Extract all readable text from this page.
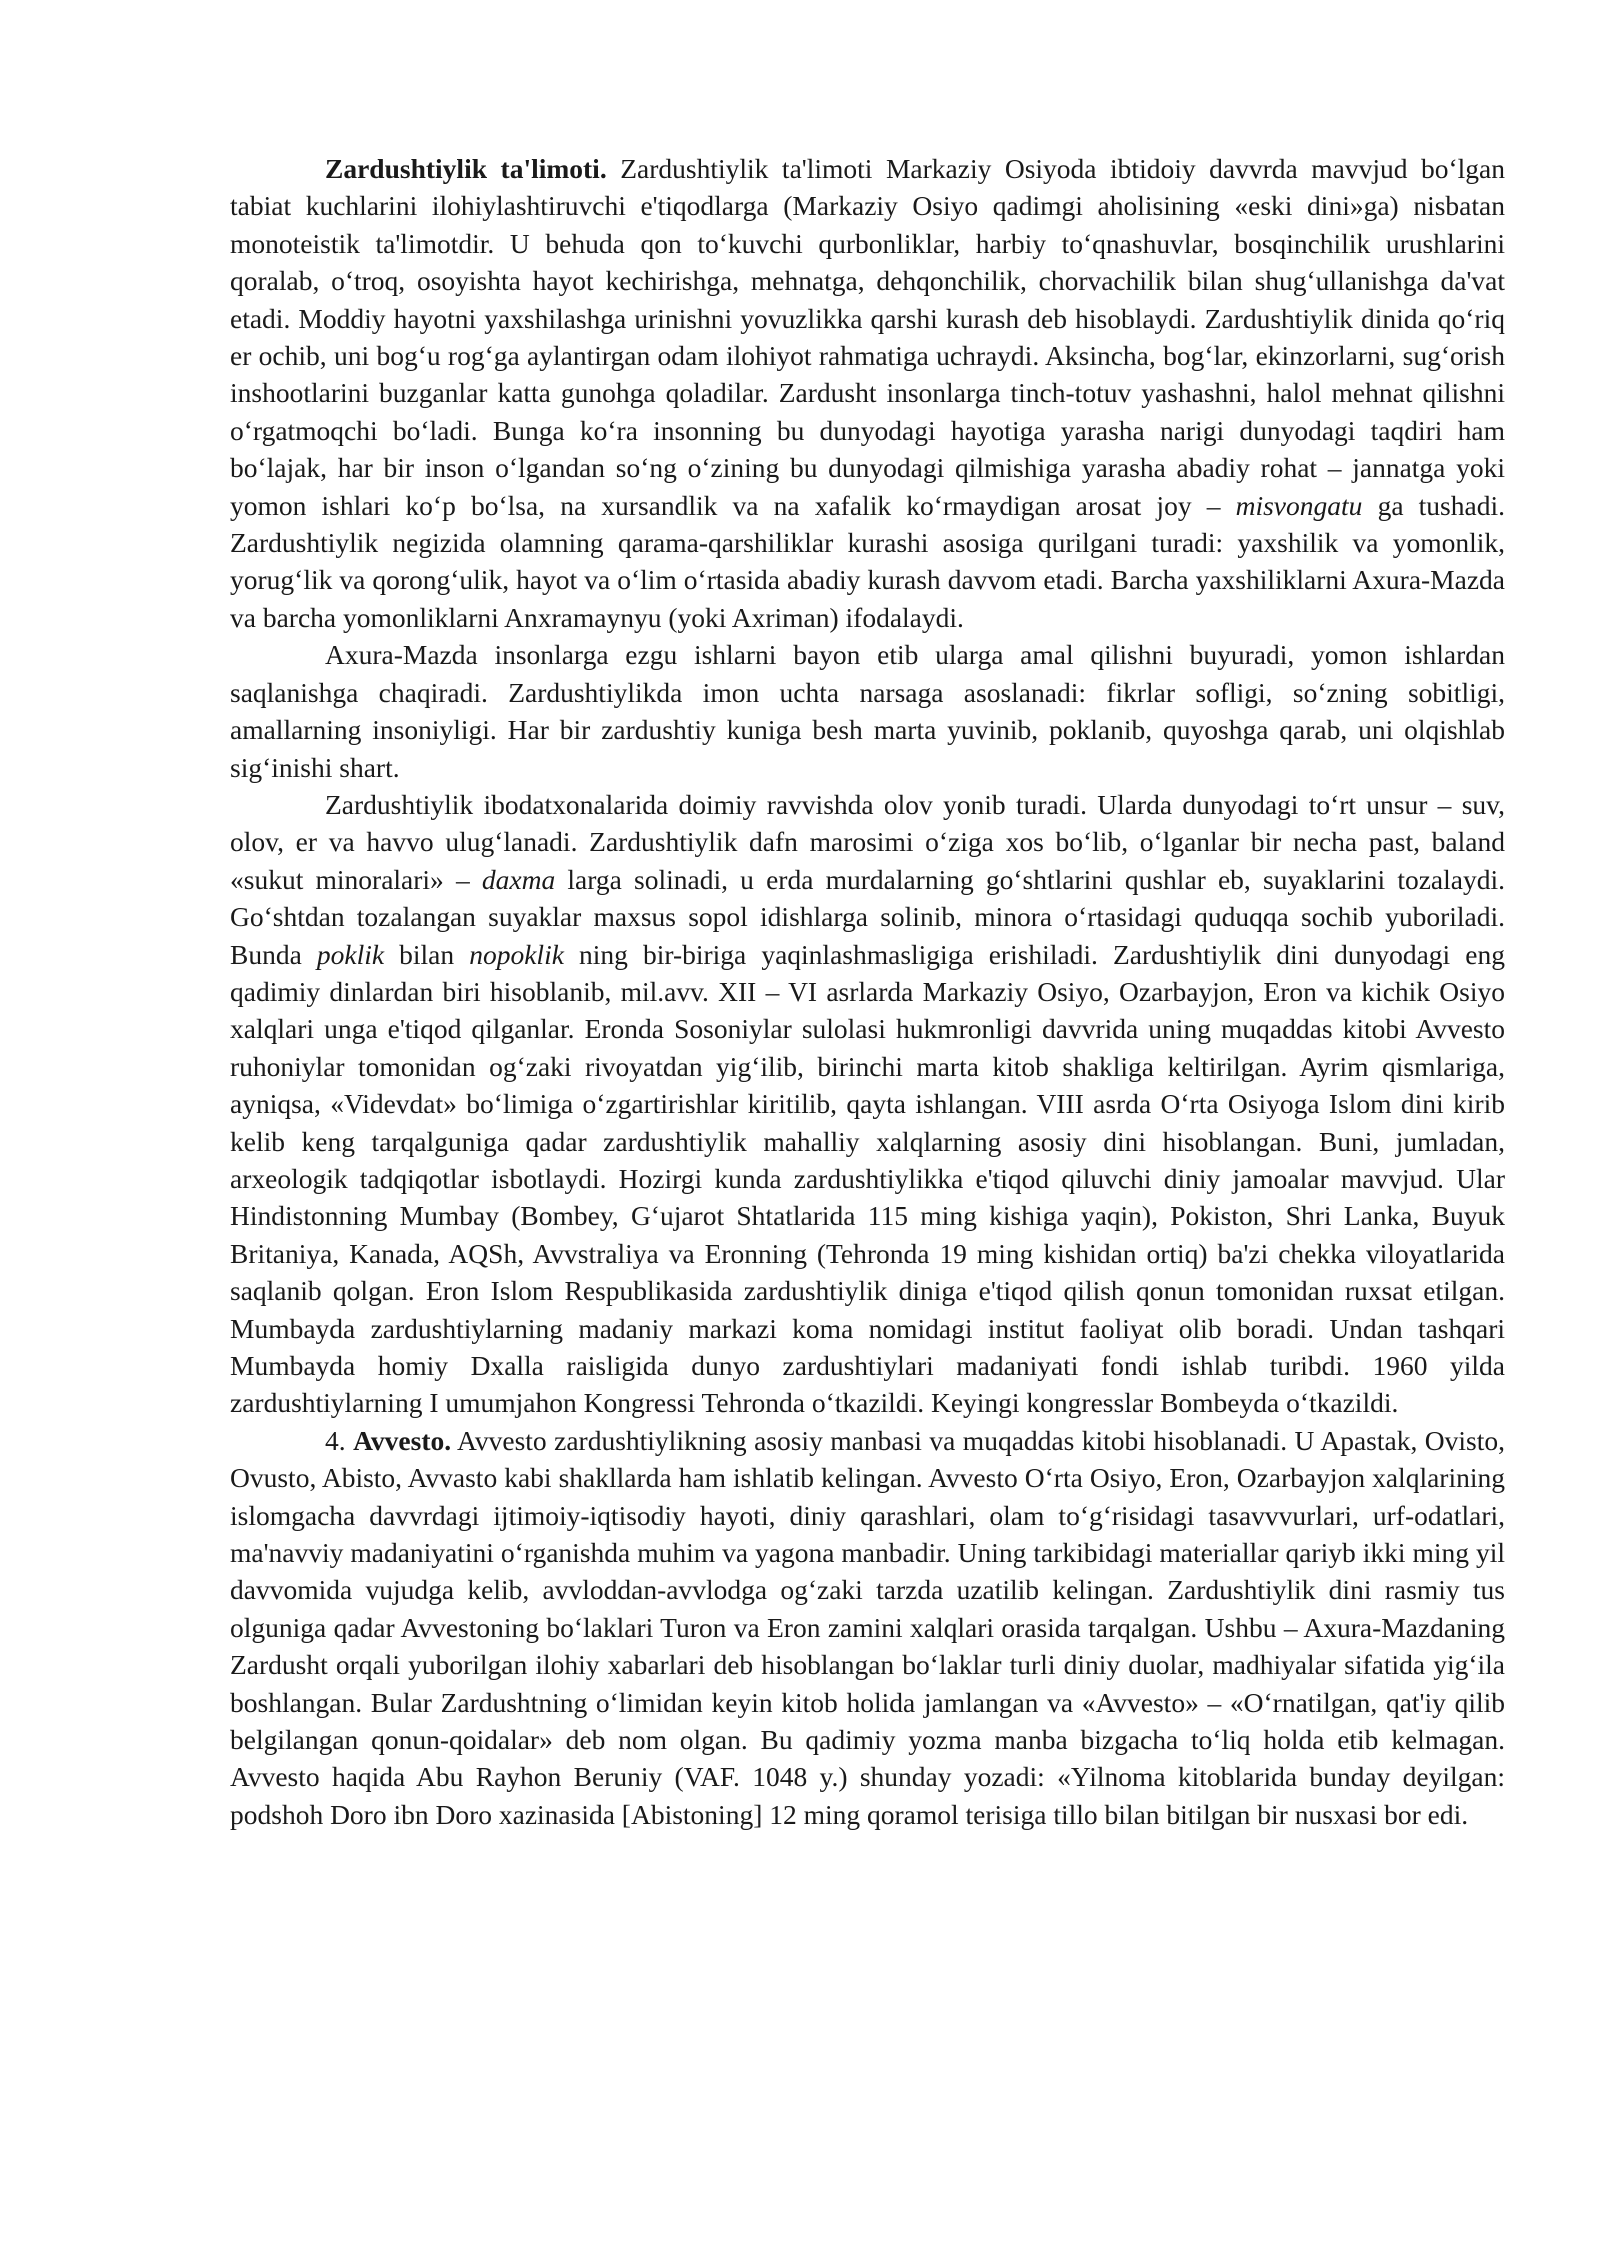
Zardushtiylik ta'limoti. Zardushtiylik ta'limoti Markaziy Osiyoda ibtidoiy davvrda mavvjud bo‘lgan tabiat kuchlarini ilohiylashtiruvchi e'tiqodlarga (Markaziy Osiyo qadimgi aholisining «eski dini»ga) nisbatan monoteistik ta'limotdir. U behuda qon to‘kuvchi qurbonliklar, harbiy to‘qnashuvlar, bosqinchilik urushlarini qoralab, o‘troq, osoyishta hayot kechirishga, mehnatga, dehqonchilik, chorvachilik bilan shug‘ullanishga da'vat etadi. Moddiy hayotni yaxshilashga urinishni yovuzlikka qarshi kurash deb hisoblaydi. Zardushtiylik dinida qo‘riq er ochib, uni bog‘u rog‘ga aylantirgan odam ilohiyot rahmatiga uchraydi. Aksincha, bog‘lar, ekinzorlarni, sug‘orish inshootlarini buzganlar katta gunohga qoladilar. Zardusht insonlarga tinch-totuv yashashni, halol mehnat qilishni o‘rgatmoqchi bo‘ladi. Bunga ko‘ra insonning bu dunyodagi hayotiga yarasha narigi dunyodagi taqdiri ham bo‘lajak, har bir inson o‘lgandan so‘ng o‘zining bu dunyodagi qilmishiga yarasha abadiy rohat – jannatga yoki yomon ishlari ko‘p bo‘lsa, na xursandlik va na xafalik ko‘rmaydigan arosat joy – misvongatu ga tushadi. Zardushtiylik negizida olamning qarama-qarshiliklar kurashi asosiga qurilgani turadi: yaxshilik va yomonlik, yorug‘lik va qorong‘ulik, hayot va o‘lim o‘rtasida abadiy kurash davvom etadi. Barcha yaxshiliklarni Axura-Mazda va barcha yomonliklarni Anxramaynyu (yoki Axriman) ifodalaydi.

Axura-Mazda insonlarga ezgu ishlarni bayon etib ularga amal qilishni buyuradi, yomon ishlardan saqlanishga chaqiradi. Zardushtiylikda imon uchta narsaga asoslanadi: fikrlar sofligi, so‘zning sobitligi, amallarning insoniyligi. Har bir zardushtiy kuniga besh marta yuvinib, poklanib, quyoshga qarab, uni olqishlab sig‘inishi shart.

Zardushtiylik ibodatxonalarida doimiy ravvishda olov yonib turadi. Ularda dunyodagi to‘rt unsur – suv, olov, er va havvo ulug‘lanadi. Zardushtiylik dafn marosimi o‘ziga xos bo‘lib, o‘lganlar bir necha past, baland «sukut minoralari» – daxma larga solinadi, u erda murdalarning go‘shtlarini qushlar eb, suyaklarini tozalaydi. Go‘shtdan tozalangan suyaklar maxsus sopol idishlarga solinib, minora o‘rtasidagi quduqqa sochib yuboriladi. Bunda poklik bilan nopoklik ning bir-biriga yaqinlashmasligiga erishiladi. Zardushtiylik dini dunyodagi eng qadimiy dinlardan biri hisoblanib, mil.avv. XII – VI asrlarda Markaziy Osiyo, Ozarbayjon, Eron va kichik Osiyo xalqlari unga e'tiqod qilganlar. Eronda Sosoniylar sulolasi hukmronligi davvrida uning muqaddas kitobi Avvesto ruhoniylar tomonidan og‘zaki rivoyatdan yig‘ilib, birinchi marta kitob shakliga keltirilgan. Ayrim qismlariga, ayniqsa, «Videvdat» bo‘limiga o‘zgartirishlar kiritilib, qayta ishlangan. VIII asrda O‘rta Osiyoga Islom dini kirib kelib keng tarqalguniga qadar zardushtiylik mahalliy xalqlarning asosiy dini hisoblangan. Buni, jumladan, arxeologik tadqiqotlar isbotlaydi. Hozirgi kunda zardushtiylikka e'tiqod qiluvchi diniy jamoalar mavvjud. Ular Hindistonning Mumbay (Bombey, G‘ujarot Shtatlarida 115 ming kishiga yaqin), Pokiston, Shri Lanka, Buyuk Britaniya, Kanada, AQSh, Avvstraliya va Eronning (Tehronda 19 ming kishidan ortiq) ba'zi chekka viloyatlarida saqlanib qolgan. Eron Islom Respublikasida zardushtiylik diniga e'tiqod qilish qonun tomonidan ruxsat etilgan. Mumbayda zardushtiylarning madaniy markazi koma nomidagi institut faoliyat olib boradi. Undan tashqari Mumbayda homiy Dxalla raisligida dunyo zardushtiylari madaniyati fondi ishlab turibdi. 1960 yilda zardushtiylarning I umumjahon Kongressi Tehronda o‘tkazildi. Keyingi kongresslar Bombeyda o‘tkazildi.

4. Avvesto. Avvesto zardushtiylikning asosiy manbasi va muqaddas kitobi hisoblanadi. U Apastak, Ovisto, Ovusto, Abisto, Avvasto kabi shakllarda ham ishlatib kelingan. Avvesto O‘rta Osiyo, Eron, Ozarbayjon xalqlarining islomgacha davvrdagi ijtimoiy-iqtisodiy hayoti, diniy qarashlari, olam to‘g‘risidagi tasavvvurlari, urf-odatlari, ma'navviy madaniyatini o‘rganishda muhim va yagona manbadir. Uning tarkibidagi materiallar qariyb ikki ming yil davvomida vujudga kelib, avvloddan-avvlodga og‘zaki tarzda uzatilib kelingan. Zardushtiylik dini rasmiy tus olguniga qadar Avvestoning bo‘laklari Turon va Eron zamini xalqlari orasida tarqalgan. Ushbu – Axura-Mazdaning Zardusht orqali yuborilgan ilohiy xabarlari deb hisoblangan bo‘laklar turli diniy duolar, madhiyalar sifatida yig‘ila boshlangan. Bular Zardushtning o‘limidan keyin kitob holida jamlangan va «Avvesto» – «O‘rnatilgan, qat'iy qilib belgilangan qonun-qoidalar» deb nom olgan. Bu qadimiy yozma manba bizgacha to‘liq holda etib kelmagan. Avvesto haqida Abu Rayhon Beruniy (VAF. 1048 y.) shunday yozadi: «Yilnoma kitoblarida bunday deyilgan: podshoh Doro ibn Doro xazinasida [Abistoning] 12 ming qoramol terisiga tillo bilan bitilgan bir nusxasi bor edi.
